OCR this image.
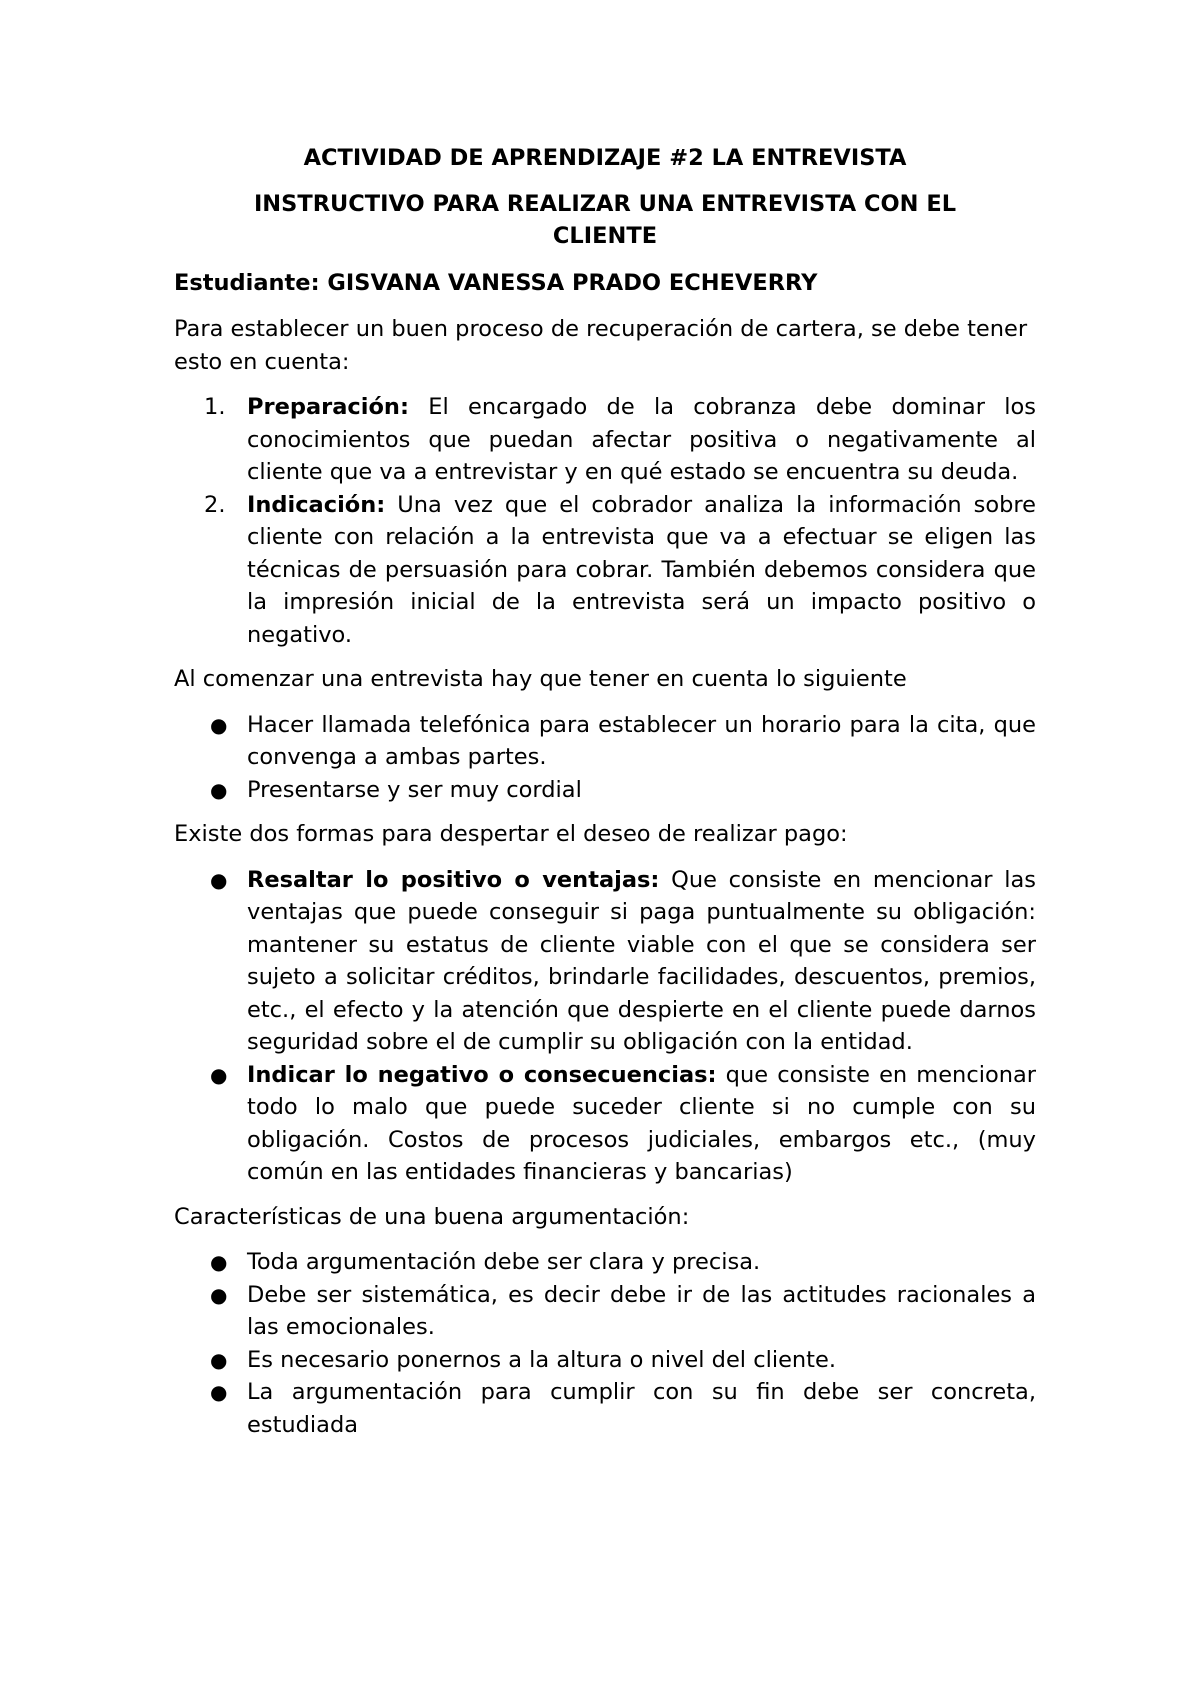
ACTIVIDAD DE APRENDIZAJE #2 LA ENTREVISTA
INSTRUCTIVO PARA REALIZAR UNA ENTREVISTA CON EL
CLIENTE

Estudiante: GISVANA VANESSA PRADO ECHEVERRY

Para establecer un buen proceso de recuperación de cartera, se debe tener esto en cuenta:

1. Preparación: El encargado de la cobranza debe dominar los conocimientos que puedan afectar positiva o negativamente al cliente que va a entrevistar y en qué estado se encuentra su deuda.
2. Indicación: Una vez que el cobrador analiza la información sobre cliente con relación a la entrevista que va a efectuar se eligen las técnicas de persuasión para cobrar. También debemos considera que la impresión inicial de la entrevista será un impacto positivo o negativo.

Al comenzar una entrevista hay que tener en cuenta lo siguiente

● Hacer llamada telefónica para establecer un horario para la cita, que convenga a ambas partes.
● Presentarse y ser muy cordial

Existe dos formas para despertar el deseo de realizar pago:

● Resaltar lo positivo o ventajas: Que consiste en mencionar las ventajas que puede conseguir si paga puntualmente su obligación: mantener su estatus de cliente viable con el que se considera ser sujeto a solicitar créditos, brindarle facilidades, descuentos, premios, etc., el efecto y la atención que despierte en el cliente puede darnos seguridad sobre el de cumplir su obligación con la entidad.
● Indicar lo negativo o consecuencias: que consiste en mencionar todo lo malo que puede suceder cliente si no cumple con su obligación. Costos de procesos judiciales, embargos etc., (muy común en las entidades financieras y bancarias)

Características de una buena argumentación:

● Toda argumentación debe ser clara y precisa.
● Debe ser sistemática, es decir debe ir de las actitudes racionales a las emocionales.
● Es necesario ponernos a la altura o nivel del cliente.
● La argumentación para cumplir con su fin debe ser concreta, estudiada
